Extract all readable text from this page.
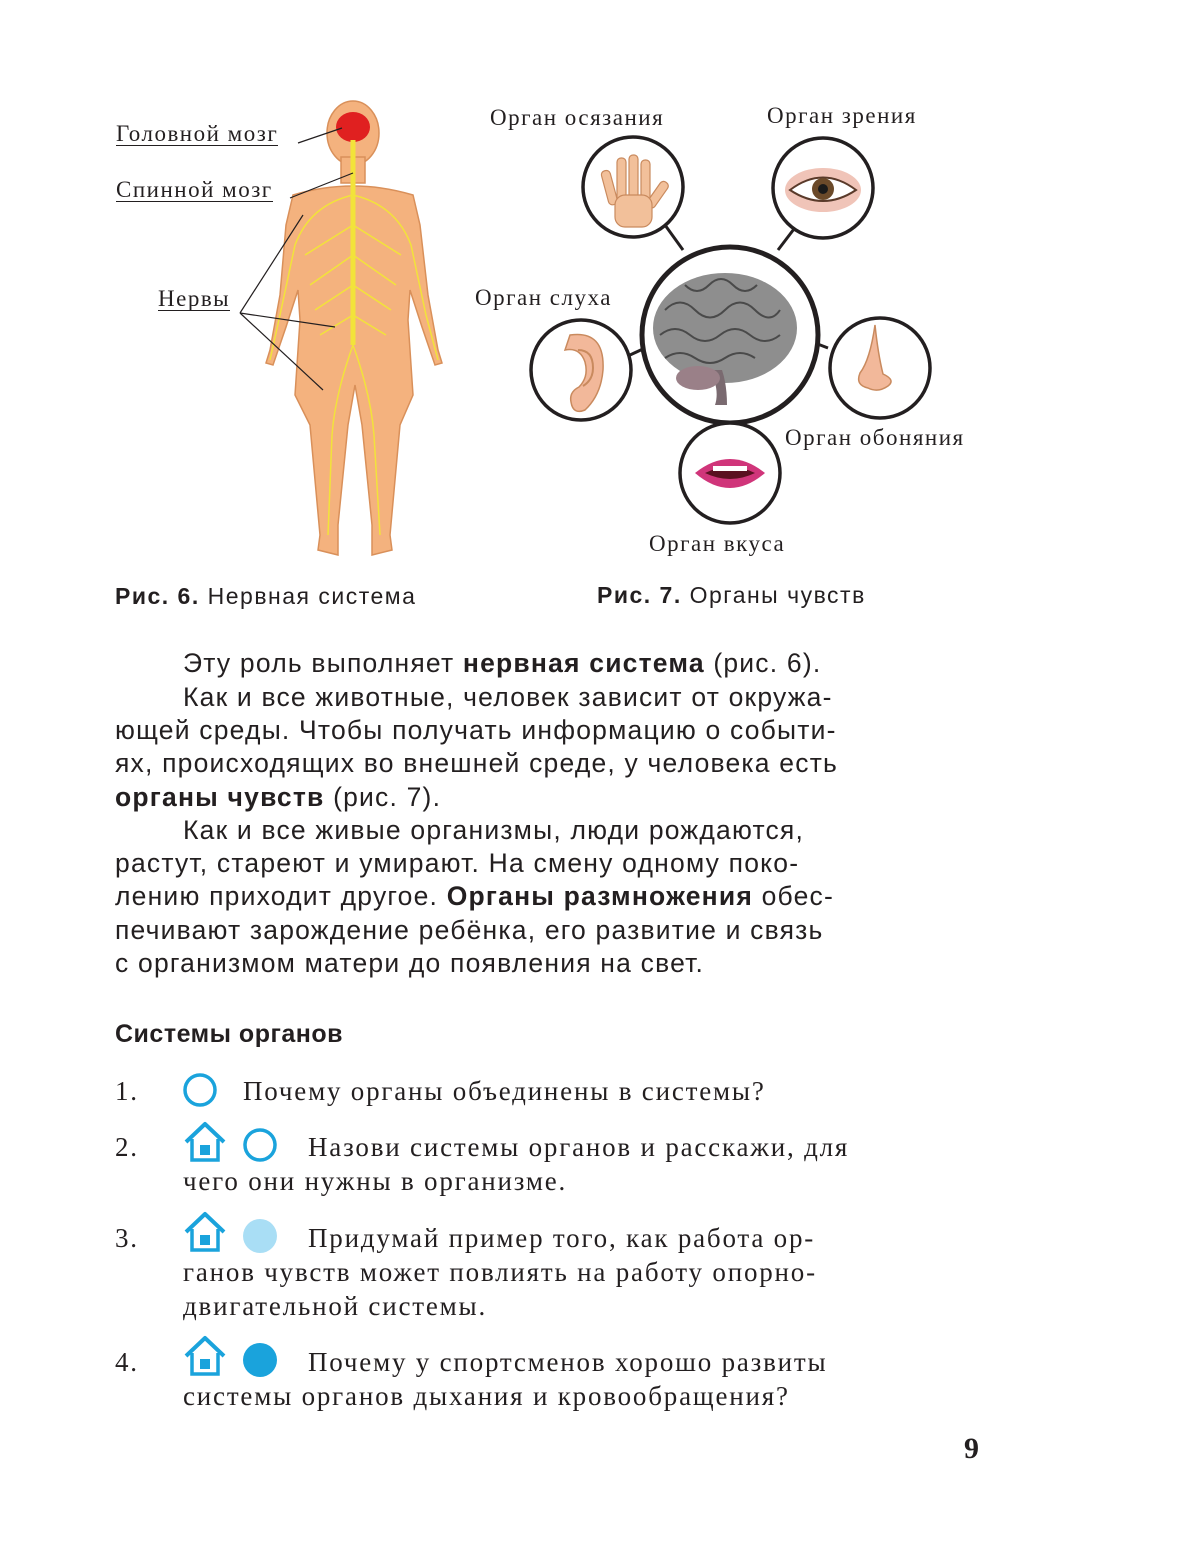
Головной мозг
Спинной мозг
Нервы
Орган осязания	Орган зрения
Орган слуха
Орган обоняния
Орган вкуса
Рис. 6. Нервная система	Рис. 7. Органы чувств
Эту роль выполняет нервная система (рис. 6).
Как и все животные, человек зависит от окружа-
ющей среды. Чтобы получать информацию о событи-
ях, происходящих во внешней среде, у человека есть
органы чувств (рис. 7).
Как и все живые организмы, люди рождаются,
растут, стареют и умирают. На смену одному поко-
лению приходит другое. Органы размножения обес-
печивают зарождение ребёнка, его развитие и связь
с организмом матери до появления на свет.
Системы органов
1.	Почему органы объединены в системы?
2.	Назови системы органов и расскажи, для
чего они нужны в организме.
3.	Придумай пример того, как работа ор-
ганов чувств может повлиять на работу опорно-
двигательной системы.
4.	Почему у спортсменов хорошо развиты
системы органов дыхания и кровообращения?
9
